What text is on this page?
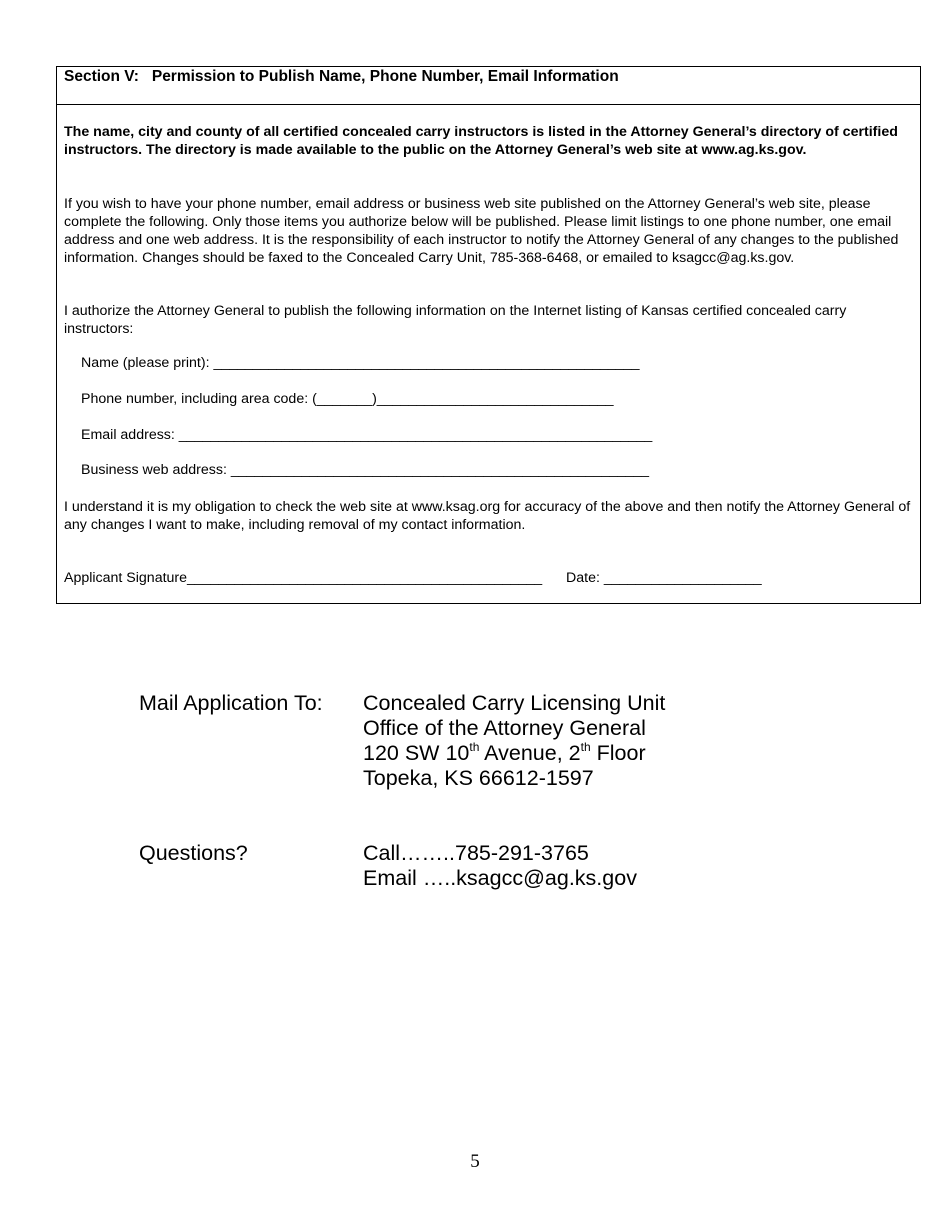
Section V:   Permission to Publish Name, Phone Number, Email Information
The name, city and county of all certified concealed carry instructors is listed in the Attorney General’s directory of certified instructors. The directory is made available to the public on the Attorney General’s web site at www.ag.ks.gov.
If you wish to have your phone number, email address or business web site published on the Attorney General’s web site, please complete the following. Only those items you authorize below will be published. Please limit listings to one phone number, one email address and one web address. It is the responsibility of each instructor to notify the Attorney General of any changes to the published information. Changes should be faxed to the Concealed Carry Unit, 785-368-6468, or emailed to ksagcc@ag.ks.gov.
I authorize the Attorney General to publish the following information on the Internet listing of Kansas certified concealed carry instructors:
Name (please print): ______________________________________________________
Phone number, including area code: (_______)______________________________
Email address: ____________________________________________________________
Business web address: _____________________________________________________
I understand it is my obligation to check the web site at www.ksag.org for accuracy of the above and then notify the Attorney General of any changes I want to make, including removal of my contact information.
Applicant Signature_____________________________________________ Date: ____________________
Mail Application To: Concealed Carry Licensing Unit
Office of the Attorney General
120 SW 10th Avenue, 2th Floor
Topeka, KS 66612-1597
Questions?	Call……..785-291-3765
Email …..ksagcc@ag.ks.gov
5
